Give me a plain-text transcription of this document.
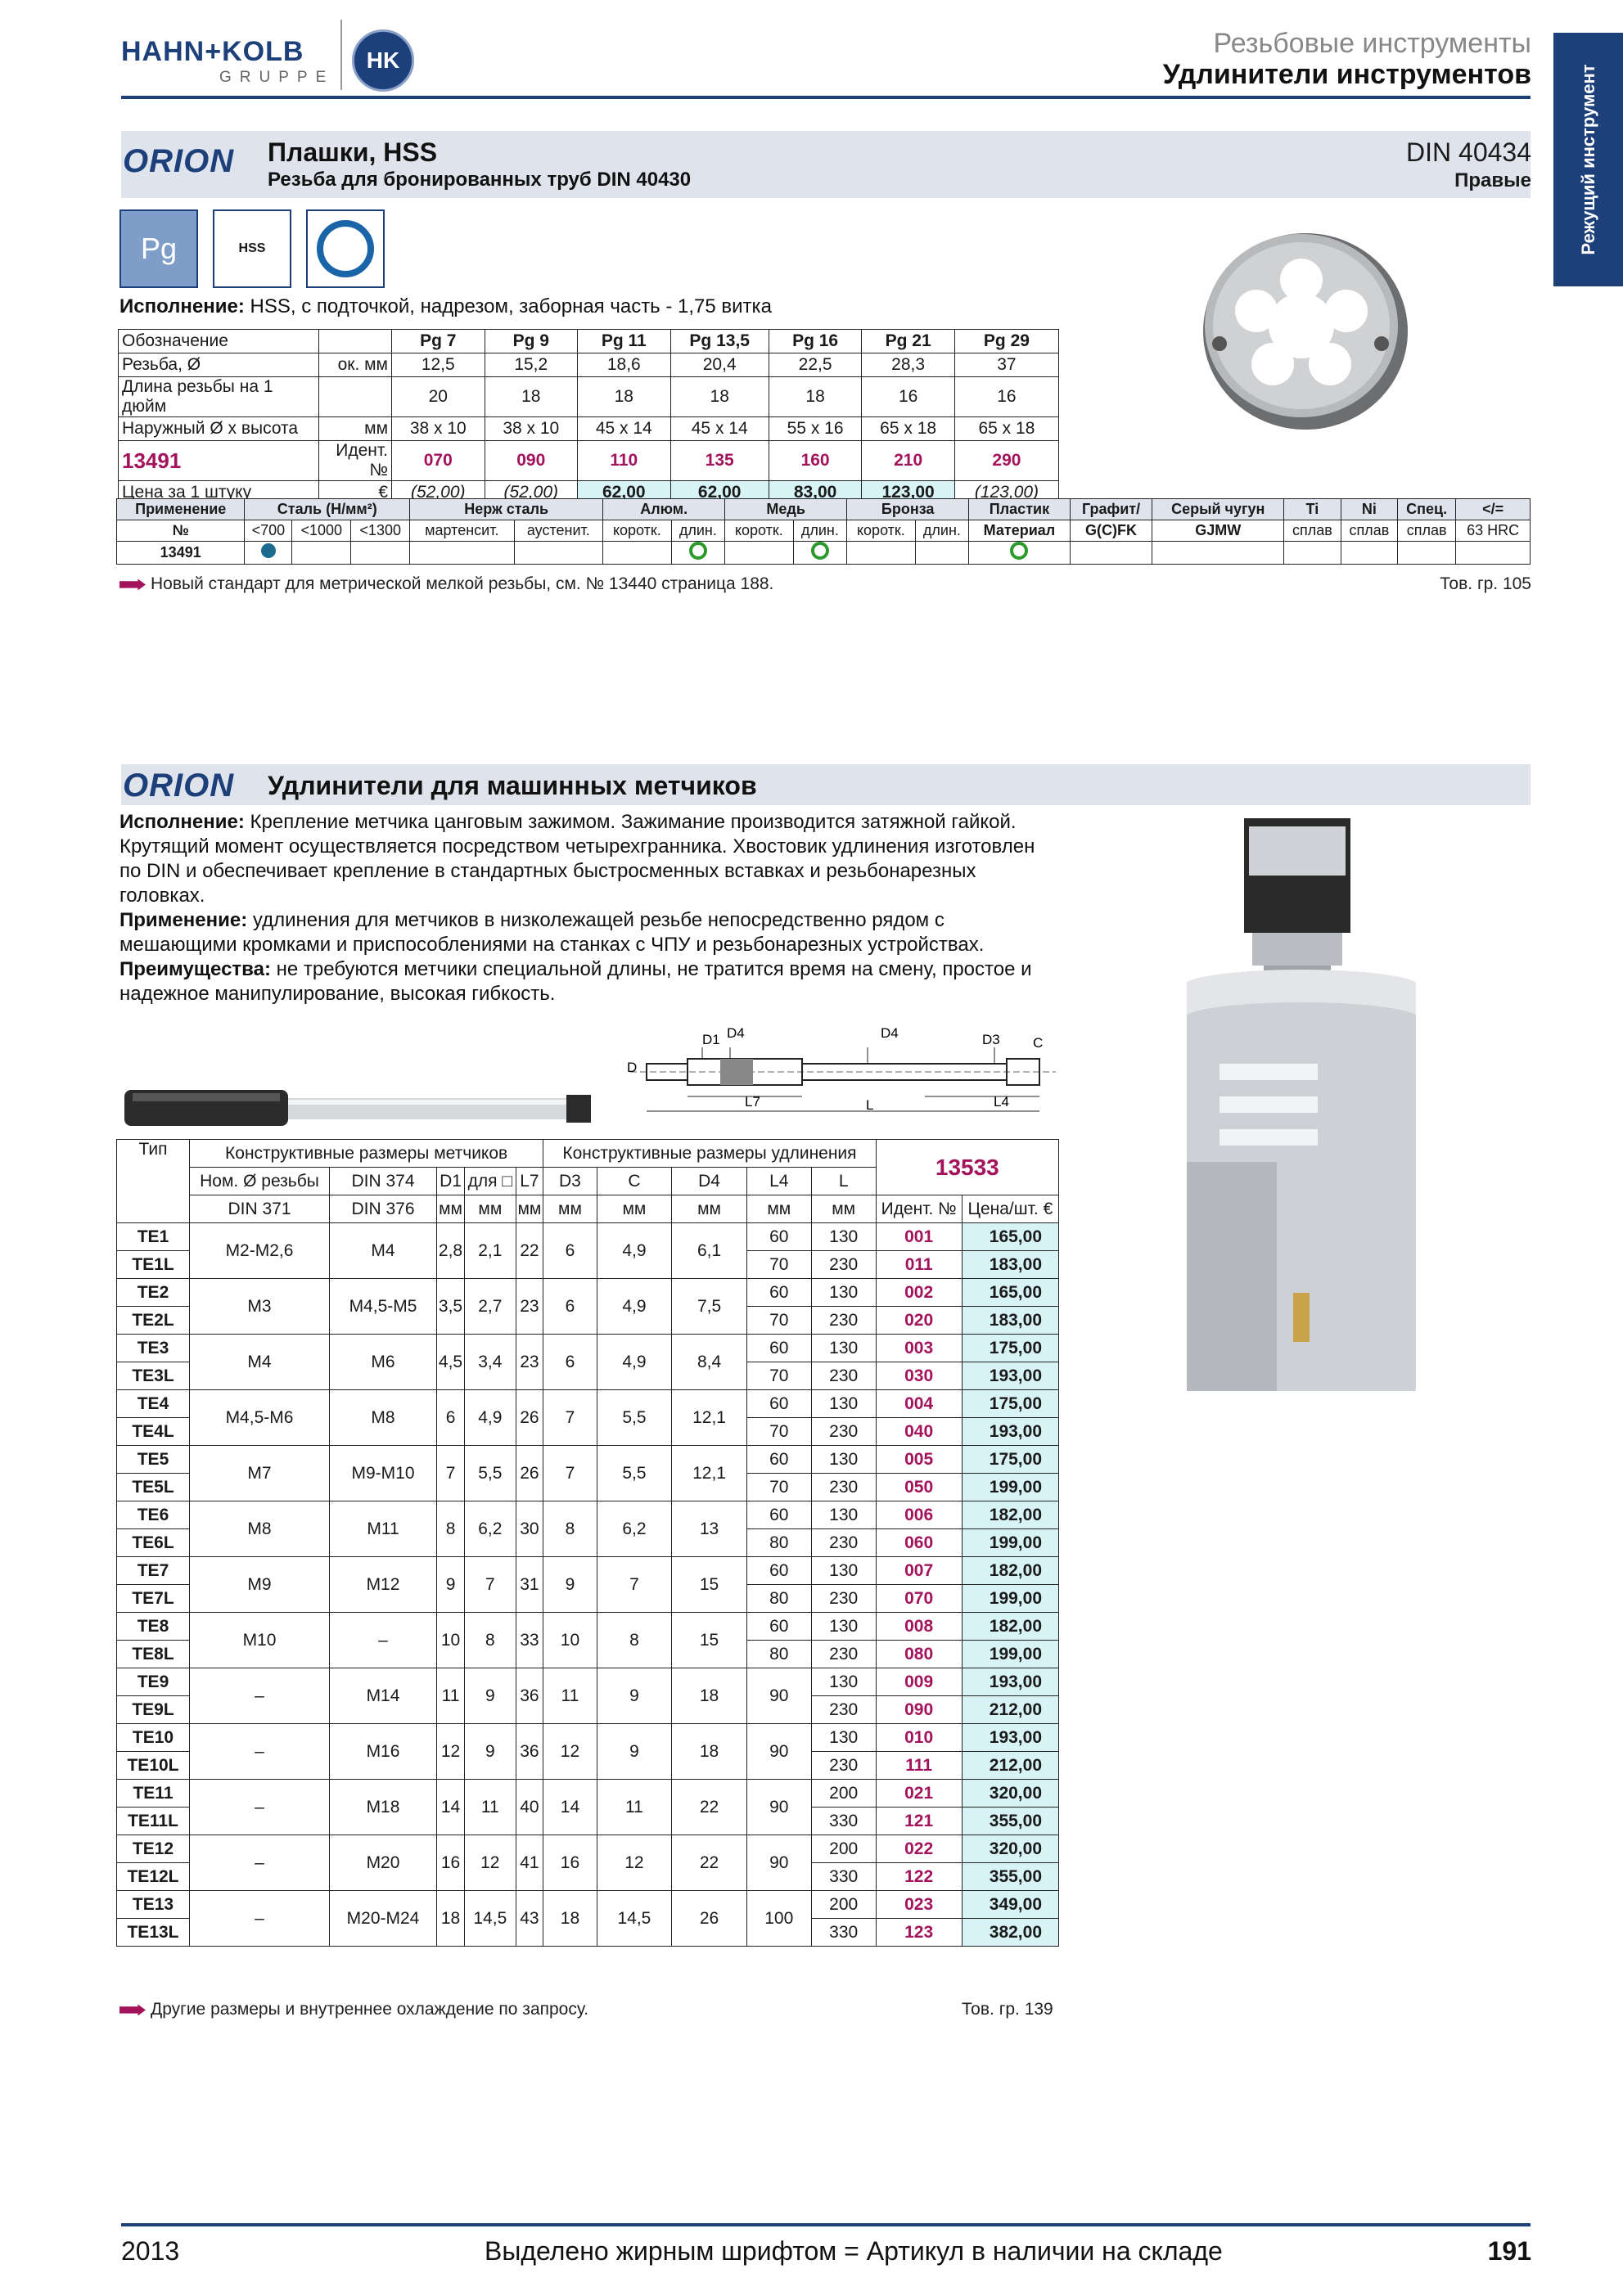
HAHN+KOLB
GRUPPE
HK
Резьбовые инструменты
Удлинители инструментов	Режущий инструмент
ORION Плашки, HSS
Резьба для бронированных труб DIN 40430
DIN 40434
Правые
Pg	HSS
Исполнение: HSS, с подточкой, надрезом, заборная часть - 1,75 витка
Обозначение		Pg 7	Pg 9	Pg 11	Pg 13,5	Pg 16	Pg 21	Pg 29
Резьба, Ø	ок. мм	12,5	15,2	18,6	20,4	22,5	28,3	37
Длина резьбы на 1 дюйм		20	18	18	18	18	16	16
Наружный Ø x высота	мм	38 x 10	38 x 10	45 x 14	45 x 14	55 x 16	65 x 18	65 x 18
13491	Идент. №	070	090	110	135	160	210	290
Цена за 1 штуку	€	(52,00)	(52,00)	62,00	62,00	83,00	123,00	(123,00)
Применение	Сталь (Н/мм²)			Нерж сталь		Алюм.		Медь		Бронза		Пластик	Графит/	Серый чугун	Ti	Ni	Спец.	</=
№	<700	<1000	<1300	мартенсит.	аустенит.	коротк.	длин.	коротк.	длин.	коротк.	длин.	Материал	G(C)FK	GJMW	сплав	сплав	сплав	63 HRC
13491																		
Новый стандарт для метрической мелкой резьбы, см. № 13440 страница 188.	Тов. гр. 105
ORION Удлинители для машинных метчиков
Исполнение: Крепление метчика цанговым зажимом. Зажимание производится затяжной гайкой. Крутящий момент осуществляется посредством четырехгранника. Хвостовик удлинения изготовлен по DIN и обеспечивает крепление в стандартных быстросменных вставках и резьбонарезных головках.
Применение: удлинения для метчиков в низколежащей резьбе непосредственно рядом с мешающими кромками и приспособлениями на станках с ЧПУ и резьбонарезных устройствах.
Преимущества: не требуются метчики специальной длины, не тратится время на смену, простое и надежное манипулирование, высокая гибкость.
D1 D4	D4	D3 C
D
L7	L4
L
Тип	Конструктивные размеры метчиков					Конструктивные размеры удлинения					13533	
	Ном. Ø резьбы	DIN 374	D1	для □	L7	D3	C	D4	L4	L		
	DIN 371	DIN 376	мм	мм	мм	мм	мм	мм	мм	мм	Идент. №	Цена/шт. €
TE1	M2-M2,6	M4	2,8	2,1	22	6	4,9	6,1	60	130	001	165,00
TE1L									70	230	011	183,00
TE2	M3	M4,5-M5	3,5	2,7	23	6	4,9	7,5	60	130	002	165,00
TE2L									70	230	020	183,00
TE3	M4	M6	4,5	3,4	23	6	4,9	8,4	60	130	003	175,00
TE3L									70	230	030	193,00
TE4	M4,5-M6	M8	6	4,9	26	7	5,5	12,1	60	130	004	175,00
TE4L									70	230	040	193,00
TE5	M7	M9-M10	7	5,5	26	7	5,5	12,1	60	130	005	175,00
TE5L									70	230	050	199,00
TE6	M8	M11	8	6,2	30	8	6,2	13	60	130	006	182,00
TE6L									80	230	060	199,00
TE7	M9	M12	9	7	31	9	7	15	60	130	007	182,00
TE7L									80	230	070	199,00
TE8	M10	–	10	8	33	10	8	15	60	130	008	182,00
TE8L									80	230	080	199,00
TE9	–	M14	11	9	36	11	9	18	90	130	009	193,00
TE9L										230	090	212,00
TE10	–	M16	12	9	36	12	9	18	90	130	010	193,00
TE10L										230	111	212,00
TE11	–	M18	14	11	40	14	11	22	90	200	021	320,00
TE11L										330	121	355,00
TE12	–	M20	16	12	41	16	12	22	90	200	022	320,00
TE12L										330	122	355,00
TE13	–	M20-M24	18	14,5	43	18	14,5	26	100	200	023	349,00
TE13L										330	123	382,00
Другие размеры и внутреннее охлаждение по запросу.	Тов. гр. 139
2013	Выделено жирным шрифтом = Артикул в наличии на складе	191
